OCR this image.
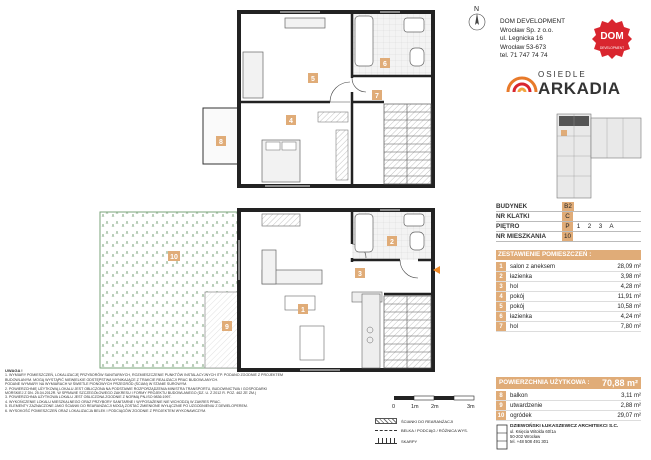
5
6
7
4
8
10
2
3
1
9
N
DOM DEVELOPMENT
Wrocław Sp. z o.o.
ul. Legnicka 16
Wrocław 53-673
tel. 71 747 74 74
DEVELOPMENT
DOM
OSIEDLE
ARKADIA
BUDYNEK	B2
NR KLATKI	C
PIĘTRO	P	1	2	3	A
NR MIESZKANIA	10
ZESTAWIENIE POMIESZCZEŃ :
1	salon z aneksem	28,09 m²
2	łazienka	3,98 m²
3	hol	4,28 m²
4	pokój	11,91 m²
5	pokój	10,58 m²
6	łazienka	4,24 m²
7	hol	7,80 m²
POWIERZCHNIA UŻYTKOWA : 70,88 m²
8	balkon	3,11 m²
9	utwardzenie	2,88 m²
10 ogródek	29,07 m²
DZIEWOŃSKI ŁUKASZEWICZ ARCHITEKCI S.C.
ul. Księcia Witolda 60/1a
50-202 Wrocław
tel. +48 508 491 301
UWAGA !
1. WYMIARY POMIESZCZEŃ, LOKALIZACJĘ PRZYBORÓW SANITARNYCH, ROZMIESZCZENIE PUNKTÓW INSTALACYJNYCH ITP. PODANO ZGODNIE Z PROJEKTEM
BUDOWLANYM. MOGĄ WYSTĄPIĆ NIEWIELKIE ODSTĘPSTWA WYNIKAJĄCE Z TRAKCIE REALIZACJI PRAC BUDOWLANYCH.
PODANE WYMIARY NA WYMIARACH W ŚWIETLE PIONOWYCH PRZEGRÓD (ŚCIAN) W STANIE SUROWYM.
2. POWIERZCHNIĘ UŻYTKOWĄ LOKALU JEST OBLICZONA NA PODSTAWIE ROZPORZĄDZENIA MINISTRA TRANSPORTU, BUDOWNICTWA I GOSPODARKI
MORSKIEJ Z DN. 25.04.2012R. W SPRAWIE SZCZEGÓŁOWEGO ZAKRESU I FORMY PROJEKTU BUDOWLANEGO (DZ. U. Z 2012 R. POZ. 462 ZE ZM.)
3. POWIERZCHNIA UŻYTKOWA LOKALU JEST OBLICZONA ZGODNIE Z NORMĄ PN-ISO 9836:1997.
4. WYKOŃCZENIE LOKALU MIESZKALNEGO ORAZ PRZYBORY SANITARNE I WYPOSAŻENIE NIE WCHODZĄ W ZAKRES PRAC.
5. ELEMENTY ZAZNACZONE JAKO ŚCIANKI DO REARANŻACJI MOGĄ ZOSTAĆ ZMIENIONE WYŁĄCZNIE PO UZGODNIENIU Z DEWELOPEREM.
6. WYSOKOŚĆ POMIESZCZEŃ ORAZ LOKALIZACJA BELEK I PODCIĄGÓW ZGODNIE Z PROJEKTEM WYKONAWCZYM.
0	1m 2m	3m
ŚCIANKI DO REARANŻACJI
BELKA / PODCIĄG / RÓŻNICA WYS.
SKARPY
